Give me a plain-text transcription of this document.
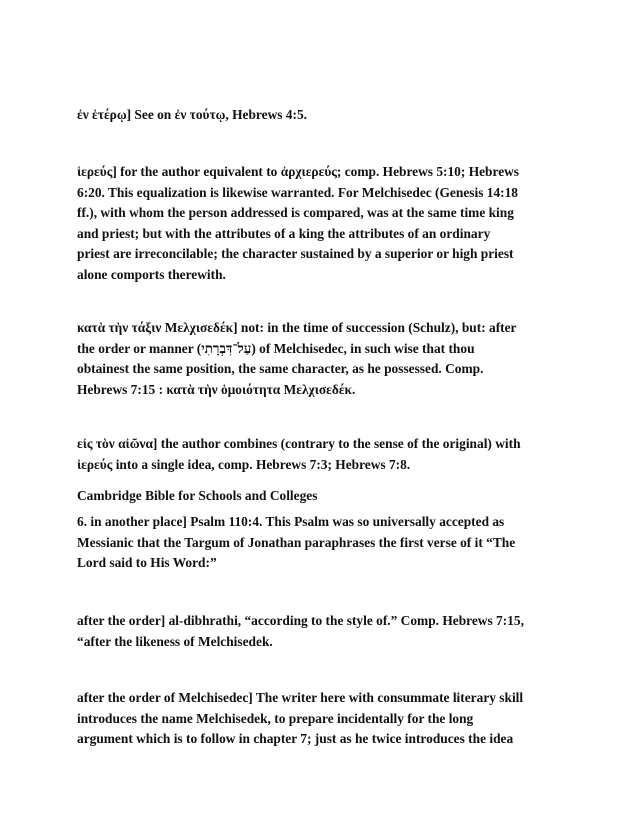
ἐν ἑτέρῳ] See on ἐν τούτῳ, Hebrews 4:5.
ἱερεύς] for the author equivalent to ἀρχιερεύς; comp. Hebrews 5:10; Hebrews
6:20. This equalization is likewise warranted. For Melchisedec (Genesis 14:18
ff.), with whom the person addressed is compared, was at the same time king
and priest; but with the attributes of a king the attributes of an ordinary
priest are irreconcilable; the character sustained by a superior or high priest
alone comports therewith.
κατὰ τὴν τάξιν Μελχισεδέκ] not: in the time of succession (Schulz), but: after
the order or manner (עַל־דִּבְרָתִי) of Melchisedec, in such wise that thou
obtainest the same position, the same character, as he possessed. Comp.
Hebrews 7:15 : κατὰ τὴν ὁμοιότητα Μελχισεδέκ.
εἰς τὸν αἰῶνα] the author combines (contrary to the sense of the original) with
ἱερεύς into a single idea, comp. Hebrews 7:3; Hebrews 7:8.
Cambridge Bible for Schools and Colleges
6. in another place] Psalm 110:4. This Psalm was so universally accepted as
Messianic that the Targum of Jonathan paraphrases the first verse of it “The
Lord said to His Word:”
after the order] al-dibhrathi, “according to the style of.” Comp. Hebrews 7:15,
“after the likeness of Melchisedek.
after the order of Melchisedec] The writer here with consummate literary skill
introduces the name Melchisedek, to prepare incidentally for the long
argument which is to follow in chapter 7; just as he twice introduces the idea
